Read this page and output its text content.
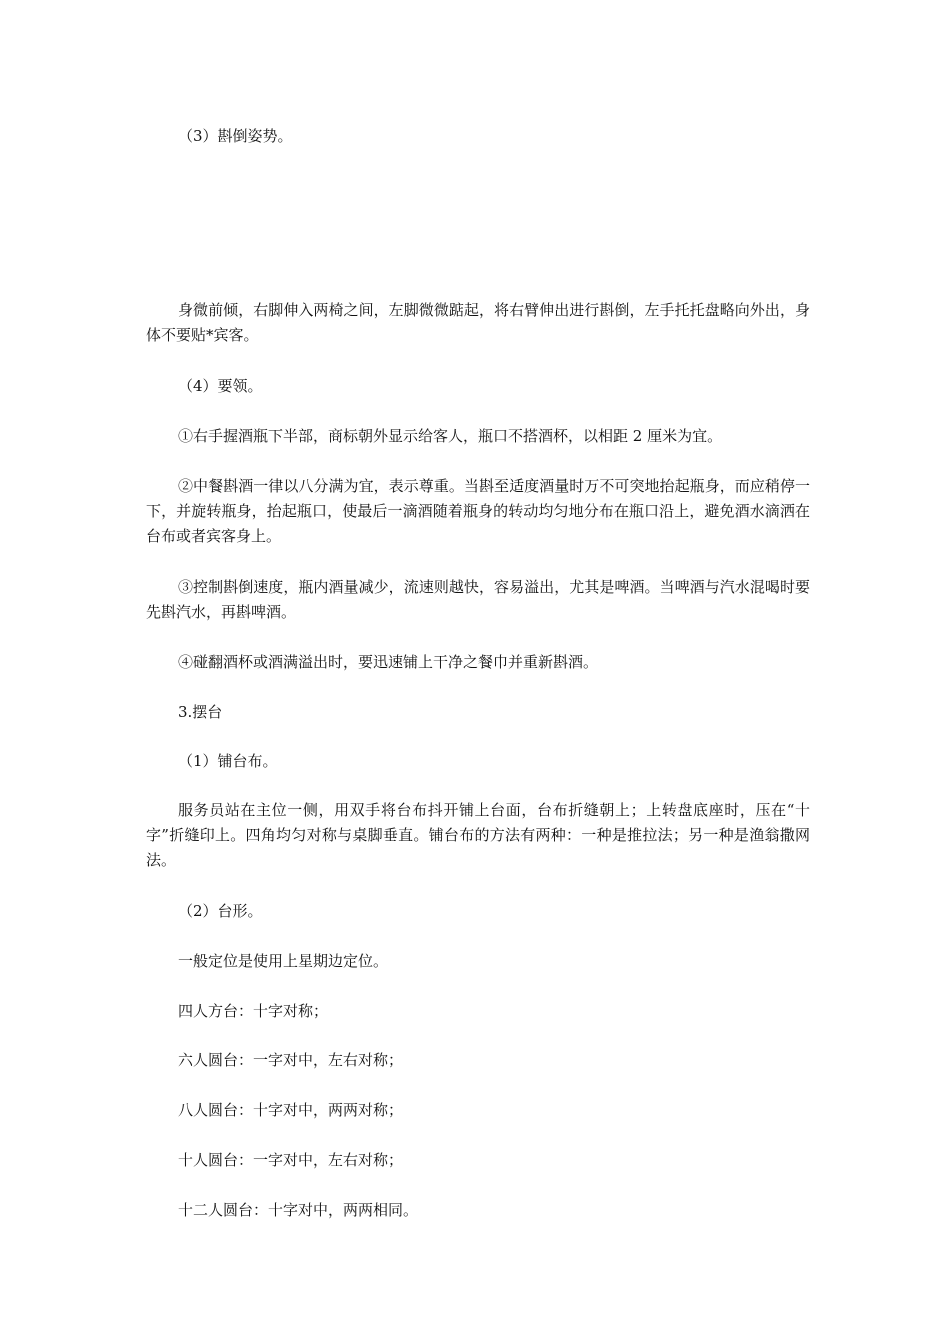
（3）斟倒姿势。

身微前倾，右脚伸入两椅之间，左脚微微踮起，将右臂伸出进行斟倒，左手托托盘略向外出，身体不要贴*宾客。

（4）要领。

①右手握酒瓶下半部，商标朝外显示给客人，瓶口不搭酒杯，以相距 2 厘米为宜。

②中餐斟酒一律以八分满为宜，表示尊重。当斟至适度酒量时万不可突地抬起瓶身，而应稍停一下，并旋转瓶身，抬起瓶口，使最后一滴酒随着瓶身的转动均匀地分布在瓶口沿上，避免酒水滴洒在台布或者宾客身上。

③控制斟倒速度，瓶内酒量减少，流速则越快，容易溢出，尤其是啤酒。当啤酒与汽水混喝时要先斟汽水，再斟啤酒。

④碰翻酒杯或酒满溢出时，要迅速铺上干净之餐巾并重新斟酒。

3.摆台

（1）铺台布。

服务员站在主位一侧，用双手将台布抖开铺上台面，台布折缝朝上；上转盘底座时，压在“十字”折缝印上。四角均匀对称与桌脚垂直。铺台布的方法有两种：一种是推拉法；另一种是渔翁撒网法。

（2）台形。

一般定位是使用上星期边定位。

四人方台：十字对称；

六人圆台：一字对中，左右对称；

八人圆台：十字对中，两两对称；

十人圆台：一字对中，左右对称；

十二人圆台：十字对中，两两相同。
